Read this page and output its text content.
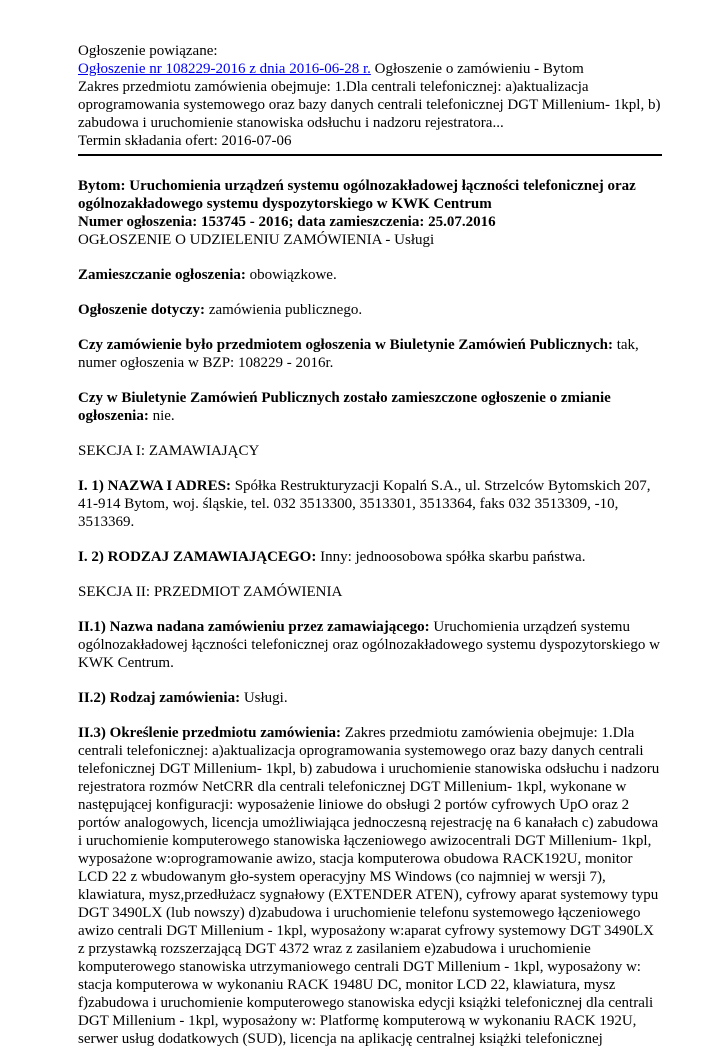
Ogłoszenie powiązane:

Ogłoszenie nr 108229-2016 z dnia 2016-06-28 r. Ogłoszenie o zamówieniu - Bytom

Zakres przedmiotu zamówienia obejmuje: 1.Dla centrali telefonicznej: a)aktualizacja oprogramowania systemowego oraz bazy danych centrali telefonicznej DGT Millenium- 1kpl, b) zabudowa i uruchomienie stanowiska odsłuchu i nadzoru rejestratora...

Termin składania ofert: 2016-07-06

Bytom: Uruchomienia urządzeń systemu ogólnozakładowej łączności telefonicznej oraz ogólnozakładowego systemu dyspozytorskiego w KWK Centrum

Numer ogłoszenia: 153745 - 2016; data zamieszczenia: 25.07.2016

OGŁOSZENIE O UDZIELENIU ZAMÓWIENIA - Usługi

Zamieszczanie ogłoszenia: obowiązkowe.

Ogłoszenie dotyczy: zamówienia publicznego.

Czy zamówienie było przedmiotem ogłoszenia w Biuletynie Zamówień Publicznych: tak, numer ogłoszenia w BZP: 108229 - 2016r.

Czy w Biuletynie Zamówień Publicznych zostało zamieszczone ogłoszenie o zmianie ogłoszenia: nie.

SEKCJA I: ZAMAWIAJĄCY

I. 1) NAZWA I ADRES: Spółka Restrukturyzacji Kopalń S.A., ul. Strzelców Bytomskich 207, 41-914 Bytom, woj. śląskie, tel. 032 3513300, 3513301, 3513364, faks 032 3513309, -10, 3513369.

I. 2) RODZAJ ZAMAWIAJĄCEGO: Inny: jednoosobowa spółka skarbu państwa.

SEKCJA II: PRZEDMIOT ZAMÓWIENIA

II.1) Nazwa nadana zamówieniu przez zamawiającego: Uruchomienia urządzeń systemu ogólnozakładowej łączności telefonicznej oraz ogólnozakładowego systemu dyspozytorskiego w KWK Centrum.

II.2) Rodzaj zamówienia: Usługi.

II.3) Określenie przedmiotu zamówienia: Zakres przedmiotu zamówienia obejmuje: 1.Dla centrali telefonicznej: a)aktualizacja oprogramowania systemowego oraz bazy danych centrali telefonicznej DGT Millenium- 1kpl, b) zabudowa i uruchomienie stanowiska odsłuchu i nadzoru rejestratora rozmów NetCRR dla centrali telefonicznej DGT Millenium- 1kpl, wykonane w następującej konfiguracji: wyposażenie liniowe do obsługi 2 portów cyfrowych UpO oraz 2 portów analogowych, licencja umożliwiająca jednoczesną rejestrację na 6 kanałach c) zabudowa i uruchomienie komputerowego stanowiska łączeniowego awizocentrali DGT Millenium- 1kpl, wyposażone w:oprogramowanie awizo, stacja komputerowa obudowa RACK192U, monitor LCD 22 z wbudowanym gło-system operacyjny MS Windows (co najmniej w wersji 7), klawiatura, mysz,przedłużacz sygnałowy (EXTENDER ATEN), cyfrowy aparat systemowy typu DGT 3490LX (lub nowszy) d)zabudowa i uruchomienie telefonu systemowego łączeniowego awizo centrali DGT Millenium - 1kpl, wyposażony w:aparat cyfrowy systemowy DGT 3490LX z przystawką rozszerzającą DGT 4372 wraz z zasilaniem e)zabudowa i uruchomienie komputerowego stanowiska utrzymaniowego centrali DGT Millenium - 1kpl, wyposażony w: stacja komputerowa w wykonaniu RACK 1948U DC, monitor LCD 22, klawiatura, mysz f)zabudowa i uruchomienie komputerowego stanowiska edycji książki telefonicznej dla centrali DGT Millenium - 1kpl, wyposażony w: Platformę komputerową w wykonaniu RACK 192U, serwer usług dodatkowych (SUD), licencja na aplikację centralnej książki telefonicznej
